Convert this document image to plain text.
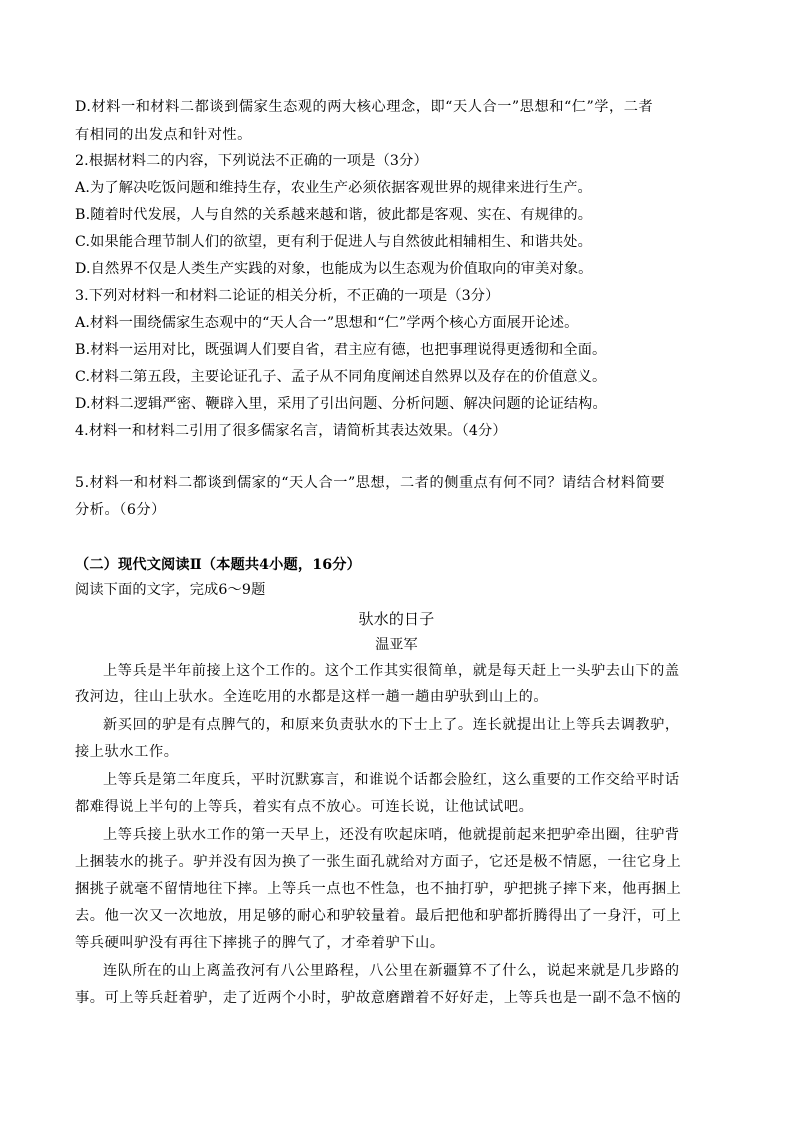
D.材料一和材料二都谈到儒家生态观的两大核心理念，即“天人合一”思想和“仁”学，二者
有相同的出发点和针对性。
2.根据材料二的内容，下列说法不正确的一项是（3分）
A.为了解决吃饭问题和维持生存，农业生产必须依据客观世界的规律来进行生产。
B.随着时代发展，人与自然的关系越来越和谐，彼此都是客观、实在、有规律的。
C.如果能合理节制人们的欲望，更有利于促进人与自然彼此相辅相生、和谐共处。
D.自然界不仅是人类生产实践的对象，也能成为以生态观为价值取向的审美对象。
3.下列对材料一和材料二论证的相关分析，不正确的一项是（3分）
A.材料一围绕儒家生态观中的“天人合一”思想和“仁”学两个核心方面展开论述。
B.材料一运用对比，既强调人们要自省，君主应有德，也把事理说得更透彻和全面。
C.材料二第五段，主要论证孔子、孟子从不同角度阐述自然界以及存在的价值意义。
D.材料二逻辑严密、鞭辟入里，采用了引出问题、分析问题、解决问题的论证结构。
4.材料一和材料二引用了很多儒家名言，请简析其表达效果。（4分）
5.材料一和材料二都谈到儒家的“天人合一”思想，二者的侧重点有何不同？请结合材料简要
分析。（6分）
（二）现代文阅读Ⅱ（本题共4小题，16分）
阅读下面的文字，完成6～9题
驮水的日子
温亚军
上等兵是半年前接上这个工作的。这个工作其实很简单，就是每天赶上一头驴去山下的盖
孜河边，往山上驮水。全连吃用的水都是这样一趟一趟由驴驮到山上的。
新买回的驴是有点脾气的，和原来负责驮水的下士上了。连长就提出让上等兵去调教驴，
接上驮水工作。
上等兵是第二年度兵，平时沉默寡言，和谁说个话都会脸红，这么重要的工作交给平时话
都难得说上半句的上等兵，着实有点不放心。可连长说，让他试试吧。
上等兵接上驮水工作的第一天早上，还没有吹起床哨，他就提前起来把驴牵出圈，往驴背
上捆装水的挑子。驴并没有因为换了一张生面孔就给对方面子，它还是极不情愿，一往它身上
捆挑子就毫不留情地往下摔。上等兵一点也不性急，也不抽打驴，驴把挑子摔下来，他再捆上
去。他一次又一次地放，用足够的耐心和驴较量着。最后把他和驴都折腾得出了一身汗，可上
等兵硬叫驴没有再往下摔挑子的脾气了，才牵着驴下山。
连队所在的山上离盖孜河有八公里路程，八公里在新疆算不了什么，说起来就是几步路的
事。可上等兵赶着驴，走了近两个小时，驴故意磨蹭着不好好走，上等兵也是一副不急不恼的
